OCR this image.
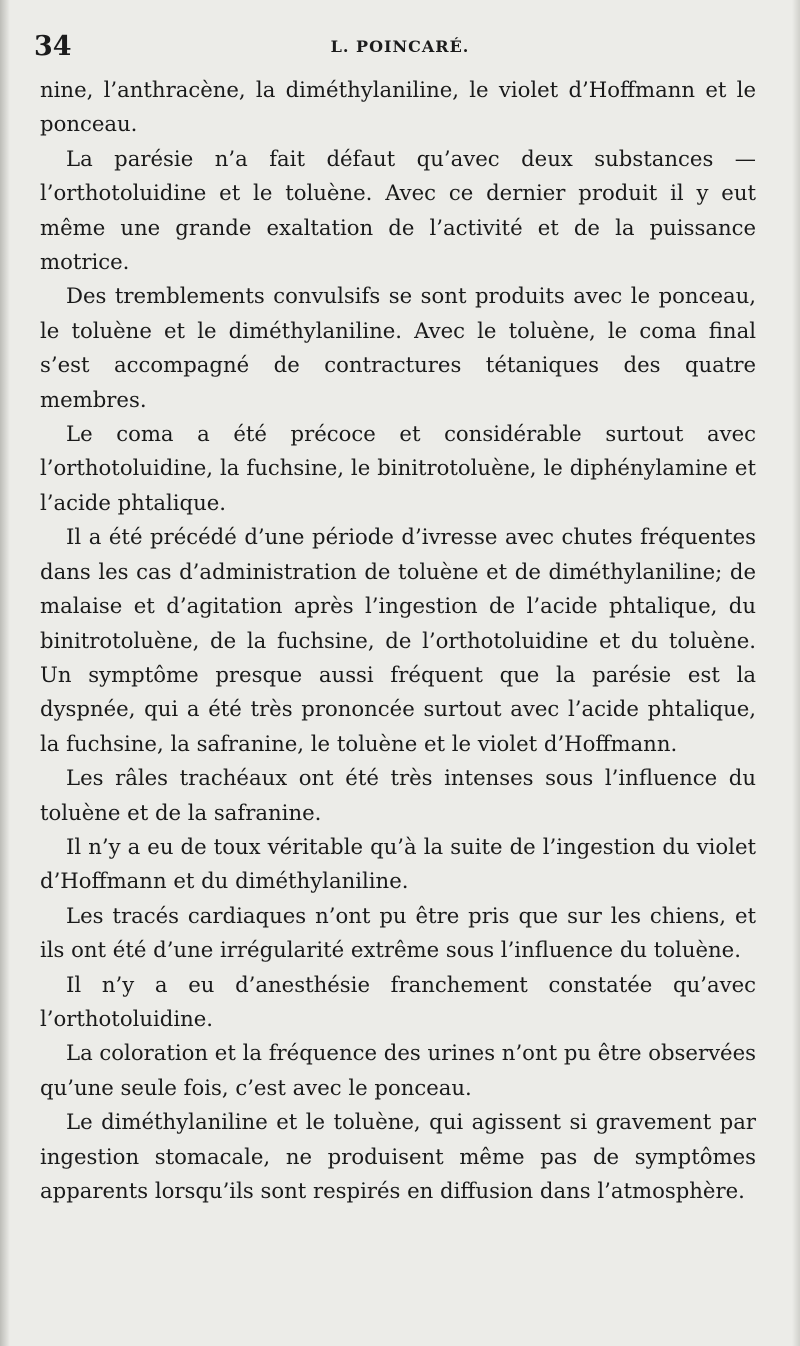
34	L. POINCARÉ.

nine, l’anthracène, la diméthylaniline, le violet d’Hoffmann et le ponceau.

La parésie n’a fait défaut qu’avec deux substances — l’orthotoluidine et le toluène. Avec ce dernier produit il y eut même une grande exaltation de l’activité et de la puissance motrice.

Des tremblements convulsifs se sont produits avec le ponceau, le toluène et le diméthylaniline. Avec le toluène, le coma final s’est accompagné de contractures tétaniques des quatre membres.

Le coma a été précoce et considérable surtout avec l’orthotoluidine, la fuchsine, le binitrotoluène, le diphénylamine et l’acide phtalique.

Il a été précédé d’une période d’ivresse avec chutes fréquentes dans les cas d’administration de toluène et de diméthylaniline; de malaise et d’agitation après l’ingestion de l’acide phtalique, du binitrotoluène, de la fuchsine, de l’orthotoluidine et du toluène. Un symptôme presque aussi fréquent que la parésie est la dyspnée, qui a été très prononcée surtout avec l’acide phtalique, la fuchsine, la safranine, le toluène et le violet d’Hoffmann.

Les râles trachéaux ont été très intenses sous l’influence du toluène et de la safranine.

Il n’y a eu de toux véritable qu’à la suite de l’ingestion du violet d’Hoffmann et du diméthylaniline.

Les tracés cardiaques n’ont pu être pris que sur les chiens, et ils ont été d’une irrégularité extrême sous l’influence du toluène.

Il n’y a eu d’anesthésie franchement constatée qu’avec l’orthotoluidine.

La coloration et la fréquence des urines n’ont pu être observées qu’une seule fois, c’est avec le ponceau.

Le diméthylaniline et le toluène, qui agissent si gravement par ingestion stomacale, ne produisent même pas de symptômes apparents lorsqu’ils sont respirés en diffusion dans l’atmosphère.
